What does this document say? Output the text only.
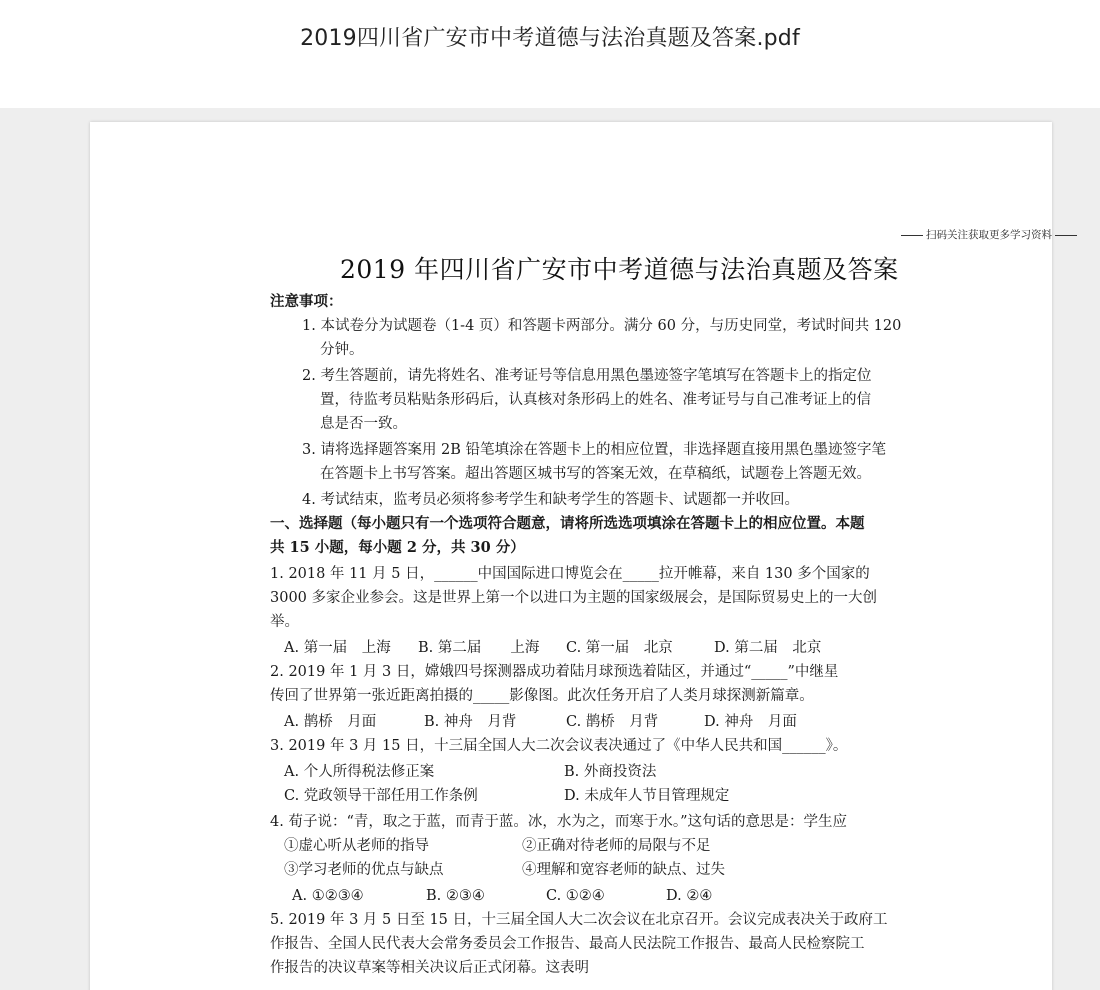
2019四川省广安市中考道德与法治真题及答案.pdf
扫码关注获取更多学习资料
2019 年四川省广安市中考道德与法治真题及答案
注意事项：
1. 本试卷分为试题卷（1-4 页）和答题卡两部分。满分 60 分，与历史同堂，考试时间共 120
分钟。
2. 考生答题前，请先将姓名、准考证号等信息用黑色墨迹签字笔填写在答题卡上的指定位
置，待监考员粘贴条形码后，认真核对条形码上的姓名、准考证号与自己准考证上的信
息是否一致。
3. 请将选择题答案用 2B 铅笔填涂在答题卡上的相应位置，非选择题直接用黑色墨迹签字笔
在答题卡上书写答案。超出答题区城书写的答案无效，在草稿纸，试题卷上答题无效。
4. 考试结束，监考员必须将参考学生和缺考学生的答题卡、试题都一并收回。
一、选择题（每小题只有一个选项符合题意，请将所选选项填涂在答题卡上的相应位置。本题
共 15 小题，每小题 2 分，共 30 分）
1. 2018 年 11 月 5 日，______中国国际进口博览会在_____拉开帷幕，来自 130 多个国家的
3000 多家企业参会。这是世界上第一个以进口为主题的国家级展会，是国际贸易史上的一大创
举。
A. 第一届　上海 B. 第二届　　上海 C. 第一届　北京	D. 第二届　北京
2. 2019 年 1 月 3 日，嫦娥四号探测器成功着陆月球预选着陆区，并通过“_____”中继星
传回了世界第一张近距离拍摄的_____影像图。此次任务开启了人类月球探测新篇章。
A. 鹊桥　月面	B. 神舟　月背	C. 鹊桥　月背	D. 神舟　月面
3. 2019 年 3 月 15 日，十三届全国人大二次会议表决通过了《中华人民共和国______》。
A. 个人所得税法修正案	B. 外商投资法
C. 党政领导干部任用工作条例	D. 未成年人节目管理规定
4. 荀子说：“青，取之于蓝，而青于蓝。冰，水为之，而寒于水。”这句话的意思是：学生应
①虚心听从老师的指导	②正确对待老师的局限与不足
③学习老师的优点与缺点	④理解和宽容老师的缺点、过失
A. ①②③④	B. ②③④	C. ①②④	D. ②④
5. 2019 年 3 月 5 日至 15 日，十三届全国人大二次会议在北京召开。会议完成表决关于政府工
作报告、全国人民代表大会常务委员会工作报告、最高人民法院工作报告、最高人民检察院工
作报告的决议草案等相关决议后正式闭幕。这表明
